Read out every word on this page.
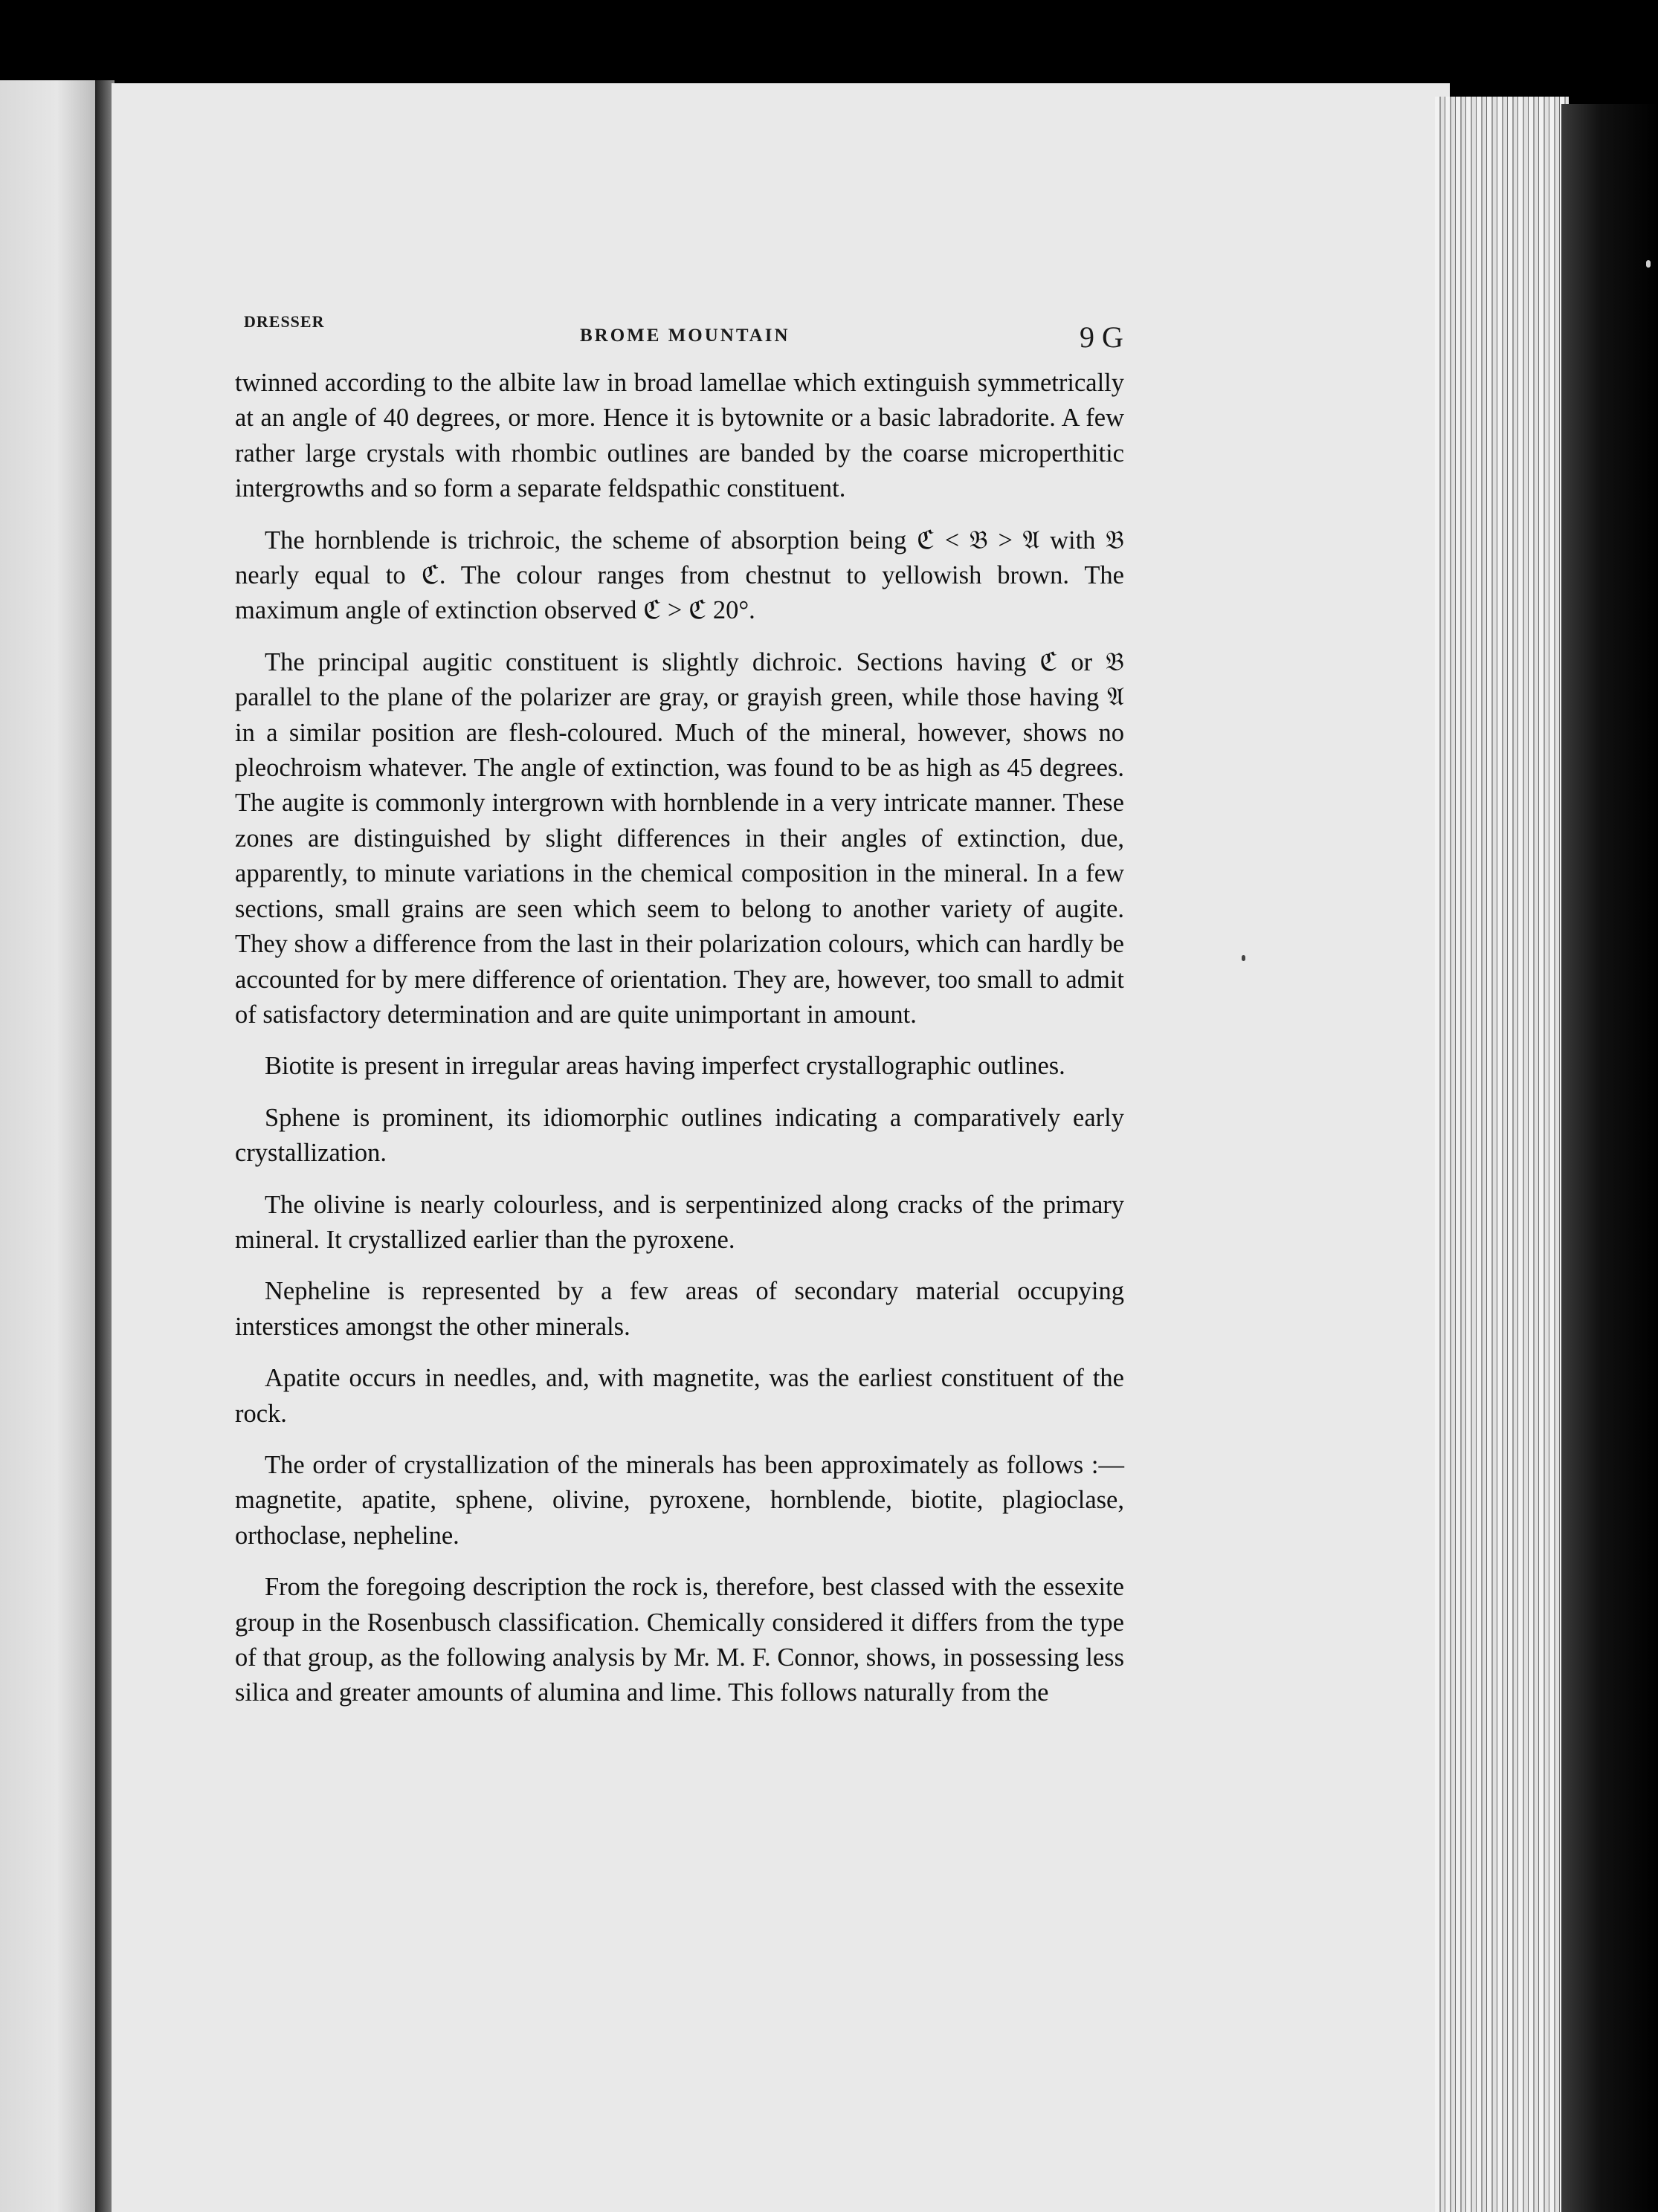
DRESSER
BROME MOUNTAIN	9 G

twinned according to the albite law in broad lamellae which extinguish symmetrically at an angle of 40 degrees, or more. Hence it is bytownite or a basic labradorite. A few rather large crystals with rhombic outlines are banded by the coarse microperthitic intergrowths and so form a separate feldspathic constituent.

The hornblende is trichroic, the scheme of absorption being ℭ < 𝔅 > 𝔄 with 𝔅 nearly equal to ℭ. The colour ranges from chestnut to yellowish brown. The maximum angle of extinction observed ℭ > ℭ 20°.

The principal augitic constituent is slightly dichroic. Sections having ℭ or 𝔅 parallel to the plane of the polarizer are gray, or grayish green, while those having 𝔄 in a similar position are flesh-coloured. Much of the mineral, however, shows no pleochroism whatever. The angle of extinction, was found to be as high as 45 degrees. The augite is commonly intergrown with hornblende in a very intricate manner. These zones are distinguished by slight differences in their angles of extinction, due, apparently, to minute variations in the chemical composition in the mineral. In a few sections, small grains are seen which seem to belong to another variety of augite. They show a difference from the last in their polarization colours, which can hardly be accounted for by mere difference of orientation. They are, however, too small to admit of satisfactory determination and are quite unimportant in amount.

Biotite is present in irregular areas having imperfect crystallographic outlines.

Sphene is prominent, its idiomorphic outlines indicating a comparatively early crystallization.

The olivine is nearly colourless, and is serpentinized along cracks of the primary mineral. It crystallized earlier than the pyroxene.

Nepheline is represented by a few areas of secondary material occupying interstices amongst the other minerals.

Apatite occurs in needles, and, with magnetite, was the earliest constituent of the rock.

The order of crystallization of the minerals has been approximately as follows :—magnetite, apatite, sphene, olivine, pyroxene, hornblende, biotite, plagioclase, orthoclase, nepheline.

From the foregoing description the rock is, therefore, best classed with the essexite group in the Rosenbusch classification. Chemically considered it differs from the type of that group, as the following analysis by Mr. M. F. Connor, shows, in possessing less silica and greater amounts of alumina and lime. This follows naturally from the
